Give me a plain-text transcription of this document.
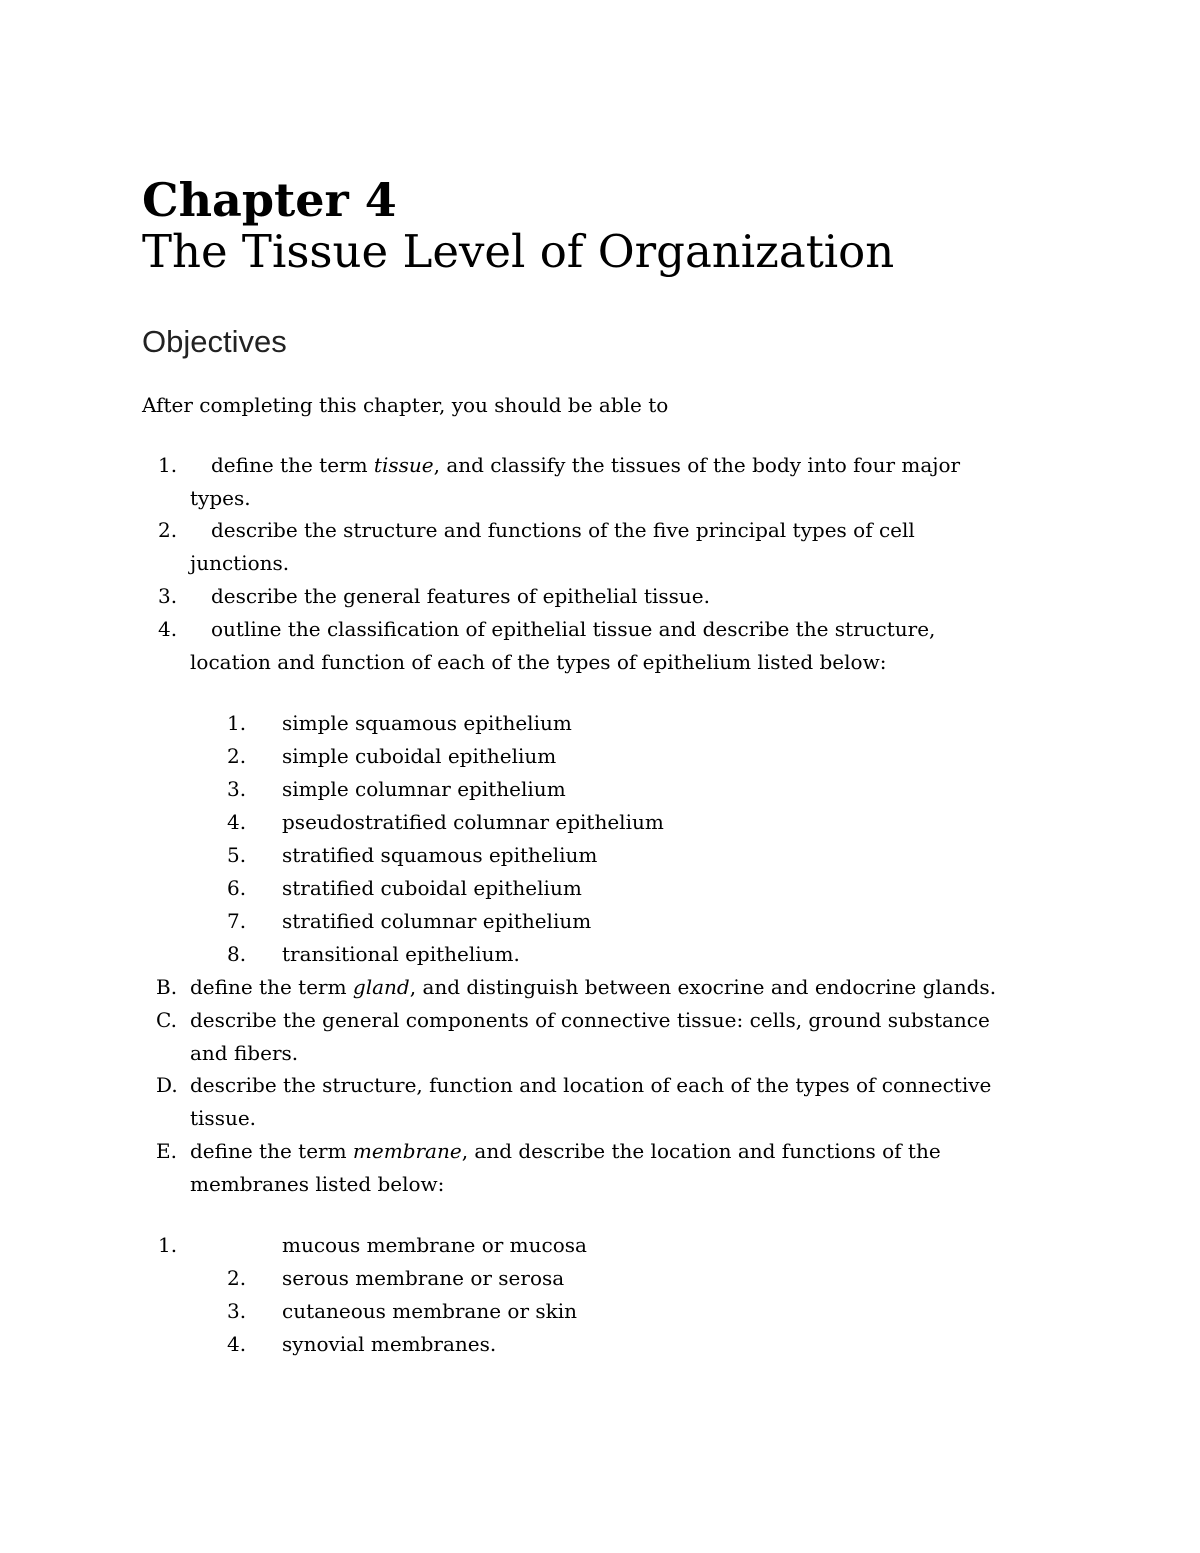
Chapter 4
The Tissue Level of Organization
Objectives
After completing this chapter, you should be able to
1. define the term tissue, and classify the tissues of the body into four major
types.
2. describe the structure and functions of the five principal types of cell
junctions.
3. describe the general features of epithelial tissue.
4. outline the classification of epithelial tissue and describe the structure,
location and function of each of the types of epithelium listed below:
1. simple squamous epithelium
2. simple cuboidal epithelium
3. simple columnar epithelium
4. pseudostratified columnar epithelium
5. stratified squamous epithelium
6. stratified cuboidal epithelium
7. stratified columnar epithelium
8. transitional epithelium.
B. define the term gland, and distinguish between exocrine and endocrine glands.
C. describe the general components of connective tissue: cells, ground substance
and fibers.
D. describe the structure, function and location of each of the types of connective
tissue.
E. define the term membrane, and describe the location and functions of the
membranes listed below:
1.	mucous membrane or mucosa
2. serous membrane or serosa
3. cutaneous membrane or skin
4. synovial membranes.
